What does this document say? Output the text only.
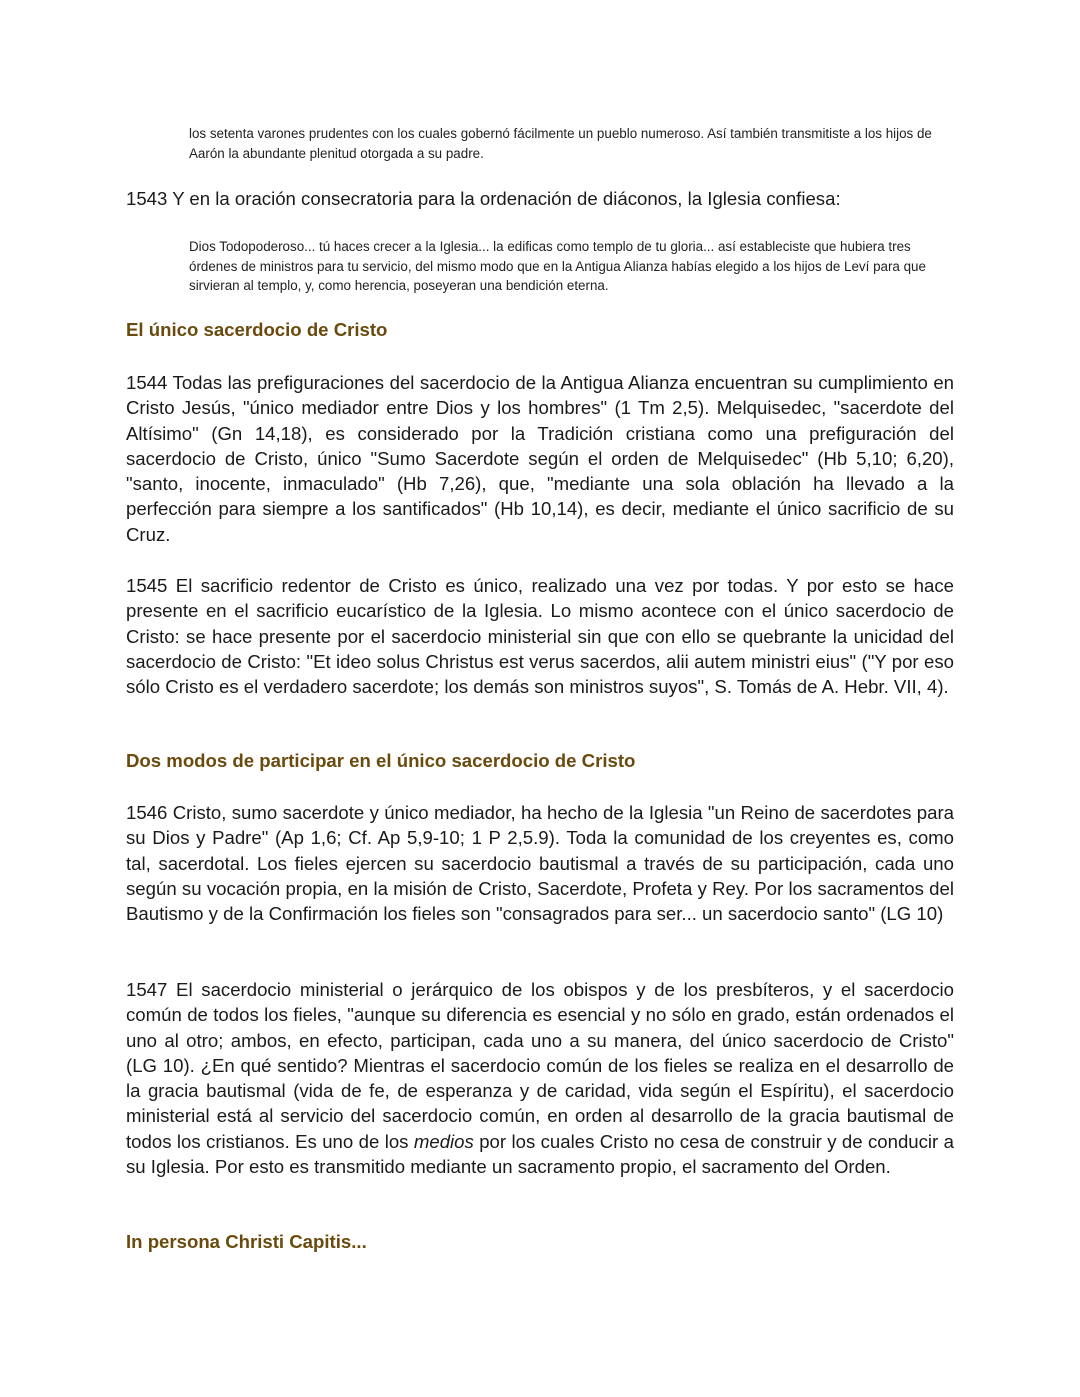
los setenta varones prudentes con los cuales gobernó fácilmente un pueblo numeroso. Así también transmitiste a los hijos de Aarón la abundante plenitud otorgada a su padre.

1543 Y en la oración consecratoria para la ordenación de diáconos, la Iglesia confiesa:

Dios Todopoderoso... tú haces crecer a la Iglesia... la edificas como templo de tu gloria... así estableciste que hubiera tres órdenes de ministros para tu servicio, del mismo modo que en la Antigua Alianza habías elegido a los hijos de Leví para que sirvieran al templo, y, como herencia, poseyeran una bendición eterna.

El único sacerdocio de Cristo

1544 Todas las prefiguraciones del sacerdocio de la Antigua Alianza encuentran su cumplimiento en Cristo Jesús, "único mediador entre Dios y los hombres" (1 Tm 2,5). Melquisedec, "sacerdote del Altísimo" (Gn 14,18), es considerado por la Tradición cristiana como una prefiguración del sacerdocio de Cristo, único "Sumo Sacerdote según el orden de Melquisedec" (Hb 5,10; 6,20), "santo, inocente, inmaculado" (Hb 7,26), que, "mediante una sola oblación ha llevado a la perfección para siempre a los santificados" (Hb 10,14), es decir, mediante el único sacrificio de su Cruz.

1545 El sacrificio redentor de Cristo es único, realizado una vez por todas. Y por esto se hace presente en el sacrificio eucarístico de la Iglesia. Lo mismo acontece con el único sacerdocio de Cristo: se hace presente por el sacerdocio ministerial sin que con ello se quebrante la unicidad del sacerdocio de Cristo: "Et ideo solus Christus est verus sacerdos, alii autem ministri eius" ("Y por eso sólo Cristo es el verdadero sacerdote; los demás son ministros suyos", S. Tomás de A. Hebr. VII, 4).

Dos modos de participar en el único sacerdocio de Cristo

1546 Cristo, sumo sacerdote y único mediador, ha hecho de la Iglesia "un Reino de sacerdotes para su Dios y Padre" (Ap 1,6; Cf. Ap 5,9-10; 1 P 2,5.9). Toda la comunidad de los creyentes es, como tal, sacerdotal. Los fieles ejercen su sacerdocio bautismal a través de su participación, cada uno según su vocación propia, en la misión de Cristo, Sacerdote, Profeta y Rey. Por los sacramentos del Bautismo y de la Confirmación los fieles son "consagrados para ser... un sacerdocio santo" (LG 10)

1547 El sacerdocio ministerial o jerárquico de los obispos y de los presbíteros, y el sacerdocio común de todos los fieles, "aunque su diferencia es esencial y no sólo en grado, están ordenados el uno al otro; ambos, en efecto, participan, cada uno a su manera, del único sacerdocio de Cristo" (LG 10). ¿En qué sentido? Mientras el sacerdocio común de los fieles se realiza en el desarrollo de la gracia bautismal (vida de fe, de esperanza y de caridad, vida según el Espíritu), el sacerdocio ministerial está al servicio del sacerdocio común, en orden al desarrollo de la gracia bautismal de todos los cristianos. Es uno de los medios por los cuales Cristo no cesa de construir y de conducir a su Iglesia. Por esto es transmitido mediante un sacramento propio, el sacramento del Orden.

In persona Christi Capitis...
